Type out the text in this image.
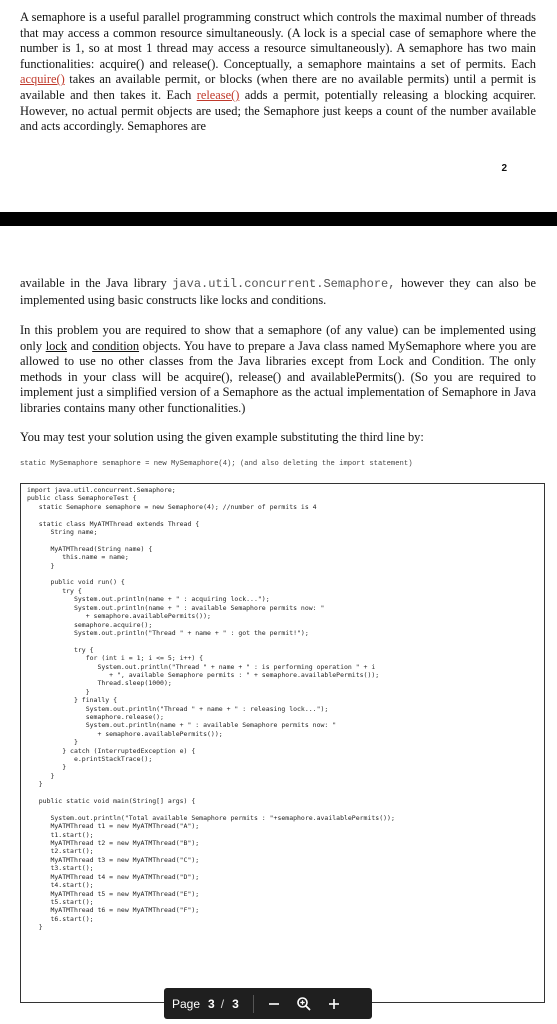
A semaphore is a useful parallel programming construct which controls the maximal number of threads that may access a common resource simultaneously. (A lock is a special case of semaphore where the number is 1, so at most 1 thread may access a resource simultaneously). A semaphore has two main functionalities: acquire() and release(). Conceptually, a semaphore maintains a set of permits. Each acquire() takes an available permit, or blocks (when there are no available permits) until a permit is available and then takes it. Each release() adds a permit, potentially releasing a blocking acquirer. However, no actual permit objects are used; the Semaphore just keeps a count of the number available and acts accordingly. Semaphores are

2

available in the Java library java.util.concurrent.Semaphore, however they can also be implemented using basic constructs like locks and conditions.

In this problem you are required to show that a semaphore (of any value) can be implemented using only lock and condition objects. You have to prepare a Java class named MySemaphore where you are allowed to use no other classes from the Java libraries except from Lock and Condition. The only methods in your class will be acquire(), release() and availablePermits(). (So you are required to implement just a simplified version of a Semaphore as the actual implementation of Semaphore in Java libraries contains many other functionalities.)

You may test your solution using the given example substituting the third line by:

static MySemaphore semaphore = new MySemaphore(4); (and also deleting the import statement)
import java.util.concurrent.Semaphore;
public class SemaphoreTest {
static Semaphore semaphore = new Semaphore(4); //number of permits is 4

static class MyATMThread extends Thread {
String name;

MyATMThread(String name) {
this.name = name;
}

public void run() {
try {
System.out.println(name + " : acquiring lock...");
System.out.println(name + " : available Semaphore permits now: "
+ semaphore.availablePermits());
semaphore.acquire();
System.out.println("Thread " + name + " : got the permit!");

try {
for (int i = 1; i <= 5; i++) {
System.out.println("Thread " + name + " : is performing operation " + i
+ ", available Semaphore permits : " + semaphore.availablePermits());
Thread.sleep(1000);
}
} finally {
System.out.println("Thread " + name + " : releasing lock...");
semaphore.release();
System.out.println(name + " : available Semaphore permits now: "
+ semaphore.availablePermits());
}
} catch (InterruptedException e) {
e.printStackTrace();
}
}
}

public static void main(String[] args) {

System.out.println("Total available Semaphore permits : "+semaphore.availablePermits());
MyATMThread t1 = new MyATMThread("A");
t1.start();
MyATMThread t2 = new MyATMThread("B");
t2.start();
MyATMThread t3 = new MyATMThread("C");
t3.start();
MyATMThread t4 = new MyATMThread("D");
t4.start();
MyATMThread t5 = new MyATMThread("E");
t5.start();
MyATMThread t6 = new MyATMThread("F");
t6.start();
}
Page 3 / 3
